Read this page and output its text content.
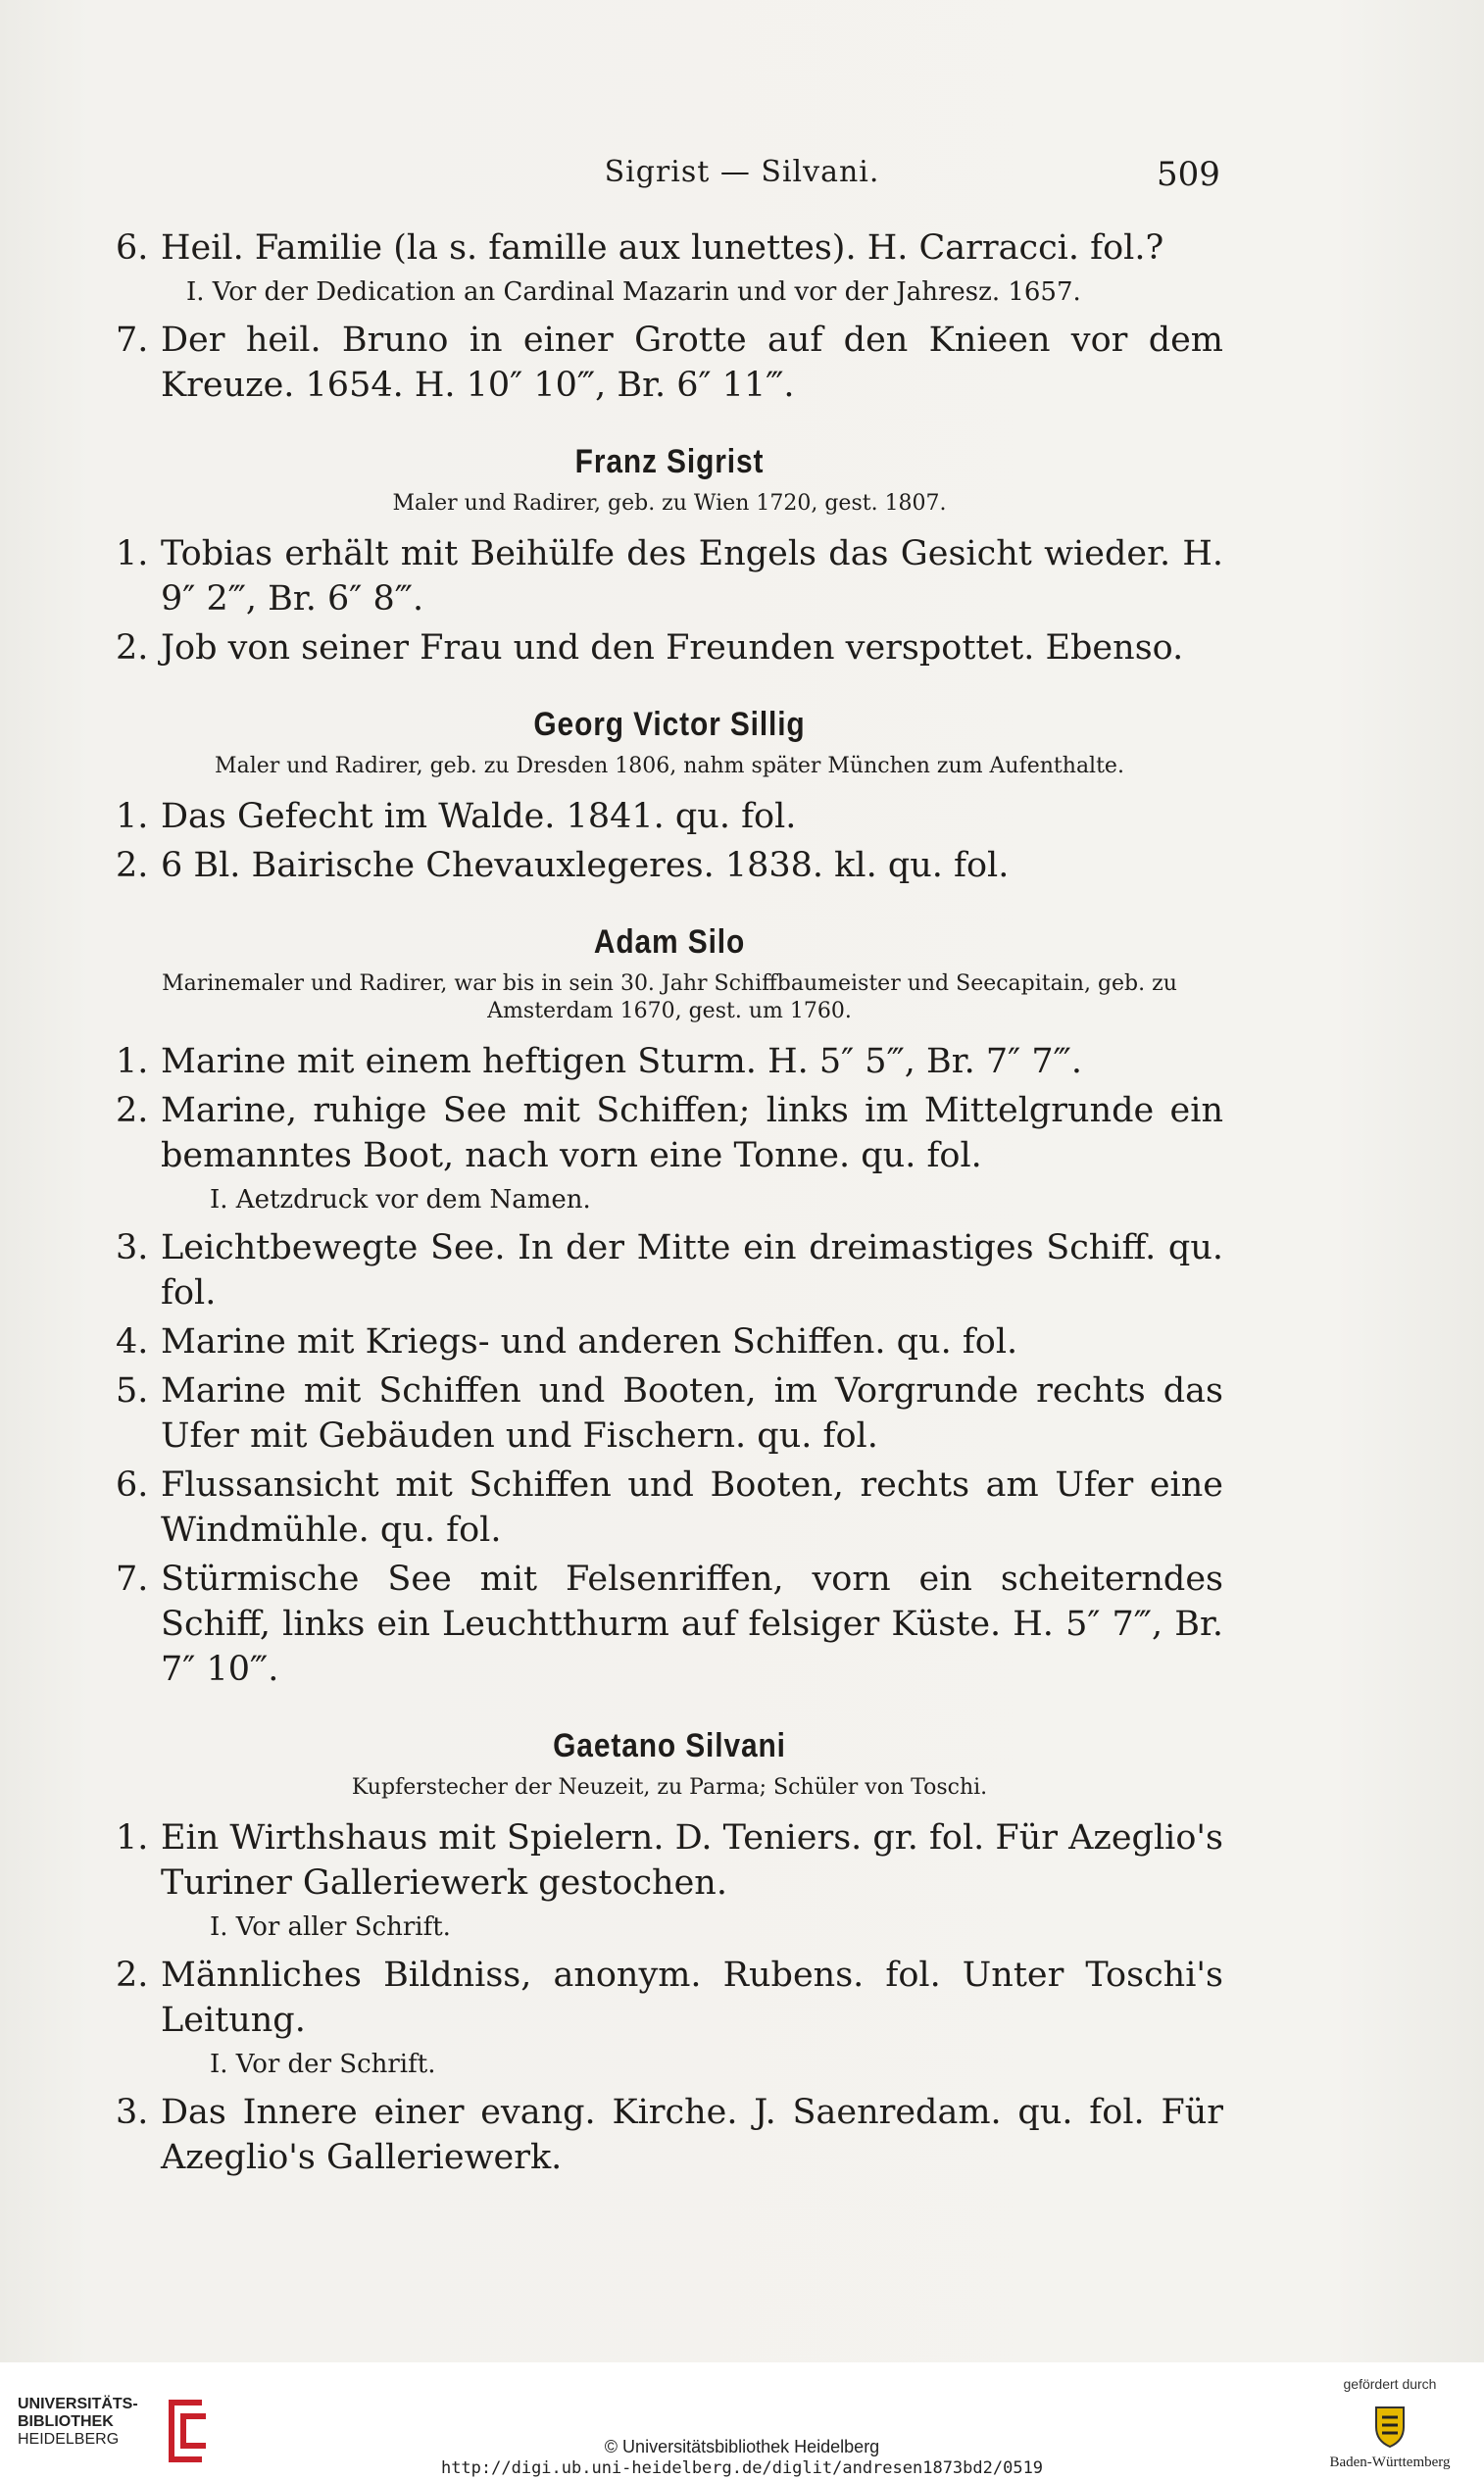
Sigrist — Silvani.	509
6. Heil. Familie (la s. famille aux lunettes). H. Carracci. fol.?
I. Vor der Dedication an Cardinal Mazarin und vor der Jahresz. 1657.
7. Der heil. Bruno in einer Grotte auf den Knieen vor dem Kreuze. 1654. H. 10″ 10‴, Br. 6″ 11‴.
Franz Sigrist
Maler und Radirer, geb. zu Wien 1720, gest. 1807.
1. Tobias erhält mit Beihülfe des Engels das Gesicht wieder. H. 9″ 2‴, Br. 6″ 8‴.
2. Job von seiner Frau und den Freunden verspottet. Ebenso.
Georg Victor Sillig
Maler und Radirer, geb. zu Dresden 1806, nahm später München zum Aufenthalte.
1. Das Gefecht im Walde. 1841. qu. fol.
2. 6 Bl. Bairische Chevauxlegeres. 1838. kl. qu. fol.
Adam Silo
Marinemaler und Radirer, war bis in sein 30. Jahr Schiffbaumeister und Seecapitain, geb. zu Amsterdam 1670, gest. um 1760.
1. Marine mit einem heftigen Sturm. H. 5″ 5‴, Br. 7″ 7‴.
2. Marine, ruhige See mit Schiffen; links im Mittelgrunde ein bemanntes Boot, nach vorn eine Tonne. qu. fol.
I. Aetzdruck vor dem Namen.
3. Leichtbewegte See. In der Mitte ein dreimastiges Schiff. qu. fol.
4. Marine mit Kriegs- und anderen Schiffen. qu. fol.
5. Marine mit Schiffen und Booten, im Vorgrunde rechts das Ufer mit Gebäuden und Fischern. qu. fol.
6. Flussansicht mit Schiffen und Booten, rechts am Ufer eine Windmühle. qu. fol.
7. Stürmische See mit Felsenriffen, vorn ein scheiterndes Schiff, links ein Leuchtthurm auf felsiger Küste. H. 5″ 7‴, Br. 7″ 10‴.
Gaetano Silvani
Kupferstecher der Neuzeit, zu Parma; Schüler von Toschi.
1. Ein Wirthshaus mit Spielern. D. Teniers. gr. fol. Für Azeglio's Turiner Galleriewerk gestochen.
I. Vor aller Schrift.
2. Männliches Bildniss, anonym. Rubens. fol. Unter Toschi's Leitung.
I. Vor der Schrift.
3. Das Innere einer evang. Kirche. J. Saenredam. qu. fol. Für Azeglio's Galleriewerk.
UNIVERSITÄTS-
BIBLIOTHEK
HEIDELBERG	© Universitätsbibliothek Heidelberg
http://digi.ub.uni-heidelberg.de/diglit/andresen1873bd2/0519
gefördert durch
Baden-Württemberg
